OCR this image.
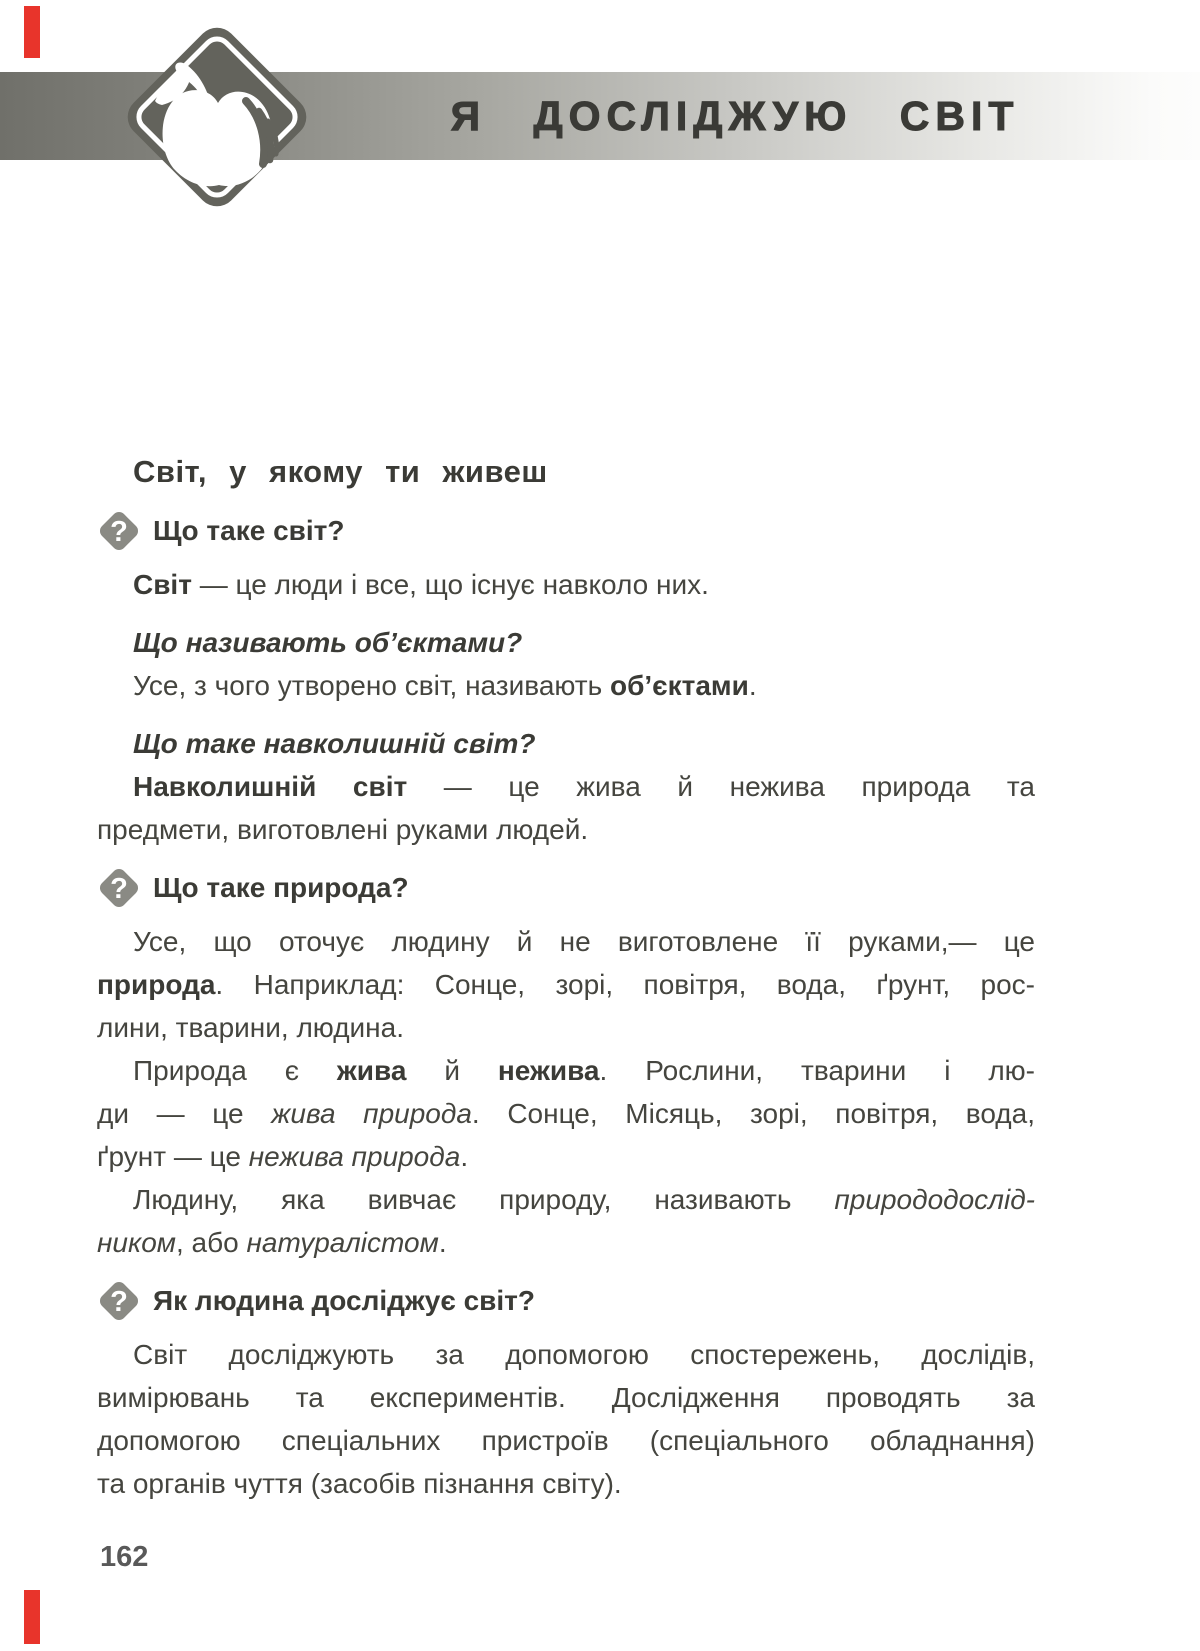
Я ДОСЛІДЖУЮ СВІТ
Світ, у якому ти живеш
? Що таке світ?
Світ — це люди і все, що існує навколо них.
Що називають об’єктами?
Усе, з чого утворено світ, називають об’єктами.
Що таке навколишній світ?
Навколишній світ — це жива й нежива природа та
предмети, виготовлені руками людей.
? Що таке природа?
Усе, що оточує людину й не виготовлене її руками,— це
природа. Наприклад: Сонце, зорі, повітря, вода, ґрунт, рос-
лини, тварини, людина.
Природа є жива й нежива. Рослини, тварини і лю-
ди — це жива природа. Сонце, Місяць, зорі, повітря, вода,
ґрунт — це нежива природа.
Людину, яка вивчає природу, називають природодослід-
ником, або натуралістом.
? Як людина досліджує світ?
Світ досліджують за допомогою спостережень, дослідів,
вимірювань та експериментів. Дослідження проводять за
допомогою спеціальних пристроїв (спеціального обладнання)
та органів чуття (засобів пізнання світу).
162
